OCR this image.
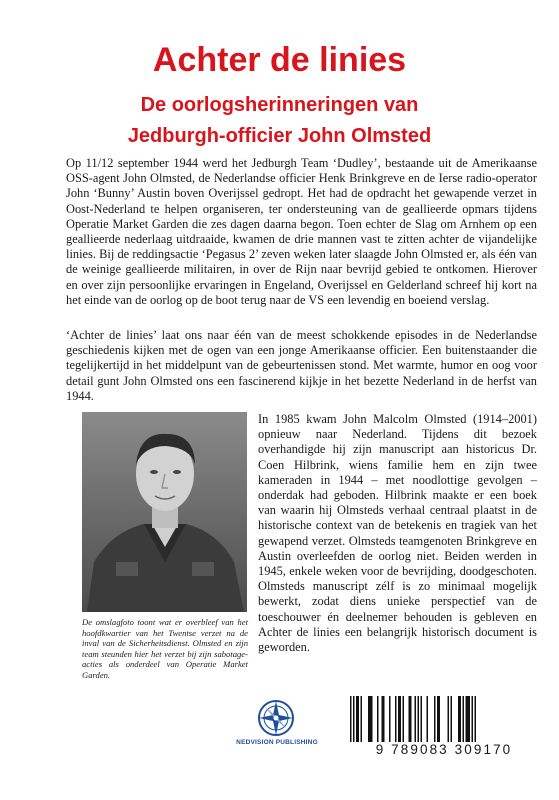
Achter de linies
De oorlogsherinneringen van
Jedburgh-officier John Olmsted

Op 11/12 september 1944 werd het Jedburgh Team ‘Dudley’, bestaande uit de Amerikaanse OSS-agent John Olmsted, de Nederlandse officier Henk Brinkgreve en de Ierse radio-operator John ‘Bunny’ Austin boven Overijssel gedropt. Het had de opdracht het gewapende verzet in Oost-Nederland te helpen organiseren, ter ondersteuning van de geallieerde opmars tijdens Operatie Market Garden die zes dagen daarna begon. Toen echter de Slag om Arnhem op een geallieerde nederlaag uitdraaide, kwamen de drie mannen vast te zitten achter de vijandelijke linies. Bij de reddingsactie ‘Pegasus 2’ zeven weken later slaagde John Olmsted er, als één van de weinige geallieerde militairen, in over de Rijn naar bevrijd gebied te ontkomen. Hierover en over zijn persoonlijke ervaringen in Engeland, Overijssel en Gelderland schreef hij kort na het einde van de oorlog op de boot terug naar de VS een levendig en boeiend verslag.

‘Achter de linies’ laat ons naar één van de meest schokkende episodes in de Nederlandse geschiedenis kijken met de ogen van een jonge Amerikaanse officier. Een buitenstaander die tegelijkertijd in het middelpunt van de gebeurtenissen stond. Met warmte, humor en oog voor detail gunt John Olmsted ons een fascinerend kijkje in het bezette Nederland in de herfst van 1944.

De omslagfoto toont wat er overbleef van het hoofdkwartier van het Twentse verzet na de inval van de Sicherheitsdienst. Olmsted en zijn team steunden hier het verzet bij zijn sabotage-acties als onderdeel van Operatie Market Garden.

In 1985 kwam John Malcolm Olmsted (1914–2001) opnieuw naar Nederland. Tijdens dit bezoek overhandigde hij zijn manuscript aan historicus Dr. Coen Hilbrink, wiens familie hem en zijn twee kameraden in 1944 – met noodlottige gevolgen – onderdak had geboden. Hilbrink maakte er een boek van waarin hij Olmsteds verhaal centraal plaatst in de historische context van de betekenis en tragiek van het gewapend verzet. Olmsteds teamgenoten Brinkgreve en Austin overleefden de oorlog niet. Beiden werden in 1945, enkele weken voor de bevrijding, doodgeschoten. Olmsteds manuscript zélf is zo minimaal mogelijk bewerkt, zodat diens unieke perspectief van de toeschouwer én deelnemer behouden is gebleven en Achter de linies een belangrijk historisch document is geworden.

NEDVISION PUBLISHING	9 789083 309170
